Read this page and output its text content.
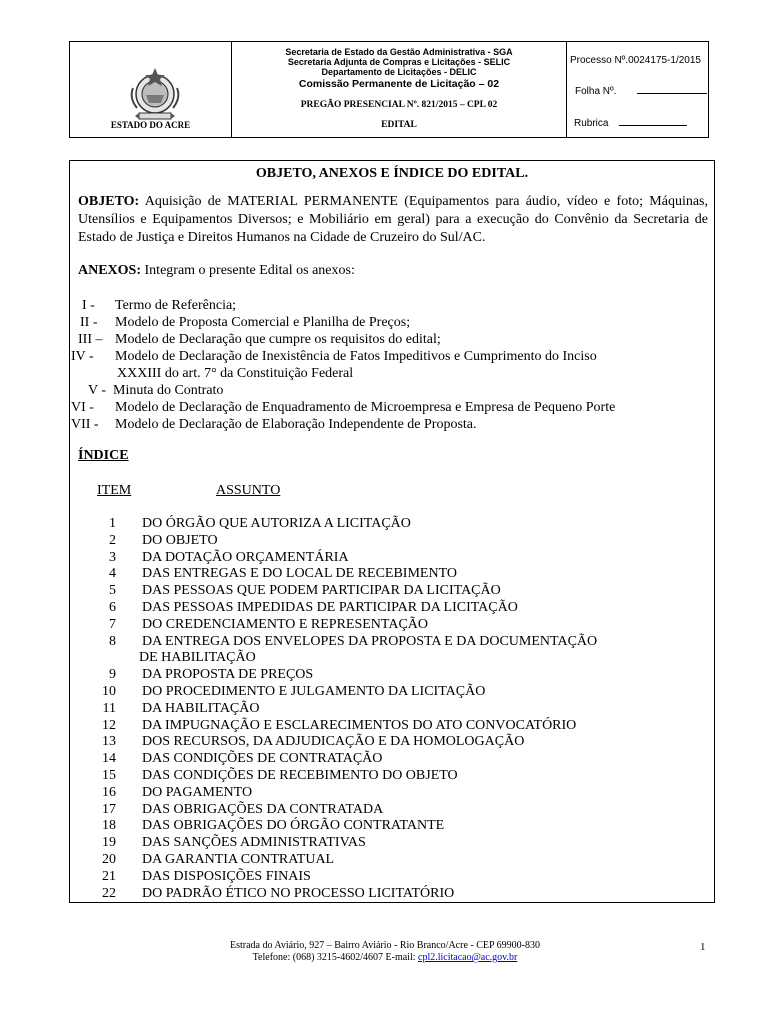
ESTADO DO ACRE
Secretaria de Estado da Gestão Administrativa - SGA
Secretaria Adjunta de Compras e Licitações - SELIC
Departamento de Licitações - DELIC
Comissão Permanente de Licitação – 02
PREGÃO PRESENCIAL Nº. 821/2015 – CPL 02
EDITAL
Processo Nº.0024175-1/2015
Folha Nº.
Rubrica
OBJETO, ANEXOS E ÍNDICE DO EDITAL.
OBJETO: Aquisição de MATERIAL PERMANENTE (Equipamentos para áudio, vídeo e foto; Máquinas, Utensílios e Equipamentos Diversos; e Mobiliário em geral) para a execução do Convênio da Secretaria de Estado de Justiça e Direitos Humanos na Cidade de Cruzeiro do Sul/AC.
ANEXOS: Integram o presente Edital os anexos:
I - Termo de Referência;
II - Modelo de Proposta Comercial e Planilha de Preços;
III – Modelo de Declaração que cumpre os requisitos do edital;
IV - Modelo de Declaração de Inexistência de Fatos Impeditivos e Cumprimento do Inciso
XXXIII do art. 7° da Constituição Federal
V - Minuta do Contrato
VI - Modelo de Declaração de Enquadramento de Microempresa e Empresa de Pequeno Porte
VII - Modelo de Declaração de Elaboração Independente de Proposta.
ÍNDICE
ITEM	ASSUNTO
1 DO ÓRGÃO QUE AUTORIZA A LICITAÇÃO
2 DO OBJETO
3 DA DOTAÇÃO ORÇAMENTÁRIA
4 DAS ENTREGAS E DO LOCAL DE RECEBIMENTO
5 DAS PESSOAS QUE PODEM PARTICIPAR DA LICITAÇÃO
6 DAS PESSOAS IMPEDIDAS DE PARTICIPAR DA LICITAÇÃO
7 DO CREDENCIAMENTO E REPRESENTAÇÃO
8 DA ENTREGA DOS ENVELOPES DA PROPOSTA E DA DOCUMENTAÇÃO
DE HABILITAÇÃO
9 DA PROPOSTA DE PREÇOS
10 DO PROCEDIMENTO E JULGAMENTO DA LICITAÇÃO
11 DA HABILITAÇÃO
12 DA IMPUGNAÇÃO E ESCLARECIMENTOS DO ATO CONVOCATÓRIO
13 DOS RECURSOS, DA ADJUDICAÇÃO E DA HOMOLOGAÇÃO
14 DAS CONDIÇÕES DE CONTRATAÇÃO
15 DAS CONDIÇÕES DE RECEBIMENTO DO OBJETO
16 DO PAGAMENTO
17 DAS OBRIGAÇÕES DA CONTRATADA
18 DAS OBRIGAÇÕES DO ÓRGÃO CONTRATANTE
19 DAS SANÇÕES ADMINISTRATIVAS
20 DA GARANTIA CONTRATUAL
21 DAS DISPOSIÇÕES FINAIS
22 DO PADRÃO ÉTICO NO PROCESSO LICITATÓRIO
Estrada do Aviário, 927 – Bairro Aviário - Rio Branco/Acre - CEP 69900-830
Telefone: (068) 3215-4602/4607 E-mail: cpl2.licitacao@ac.gov.br
1
